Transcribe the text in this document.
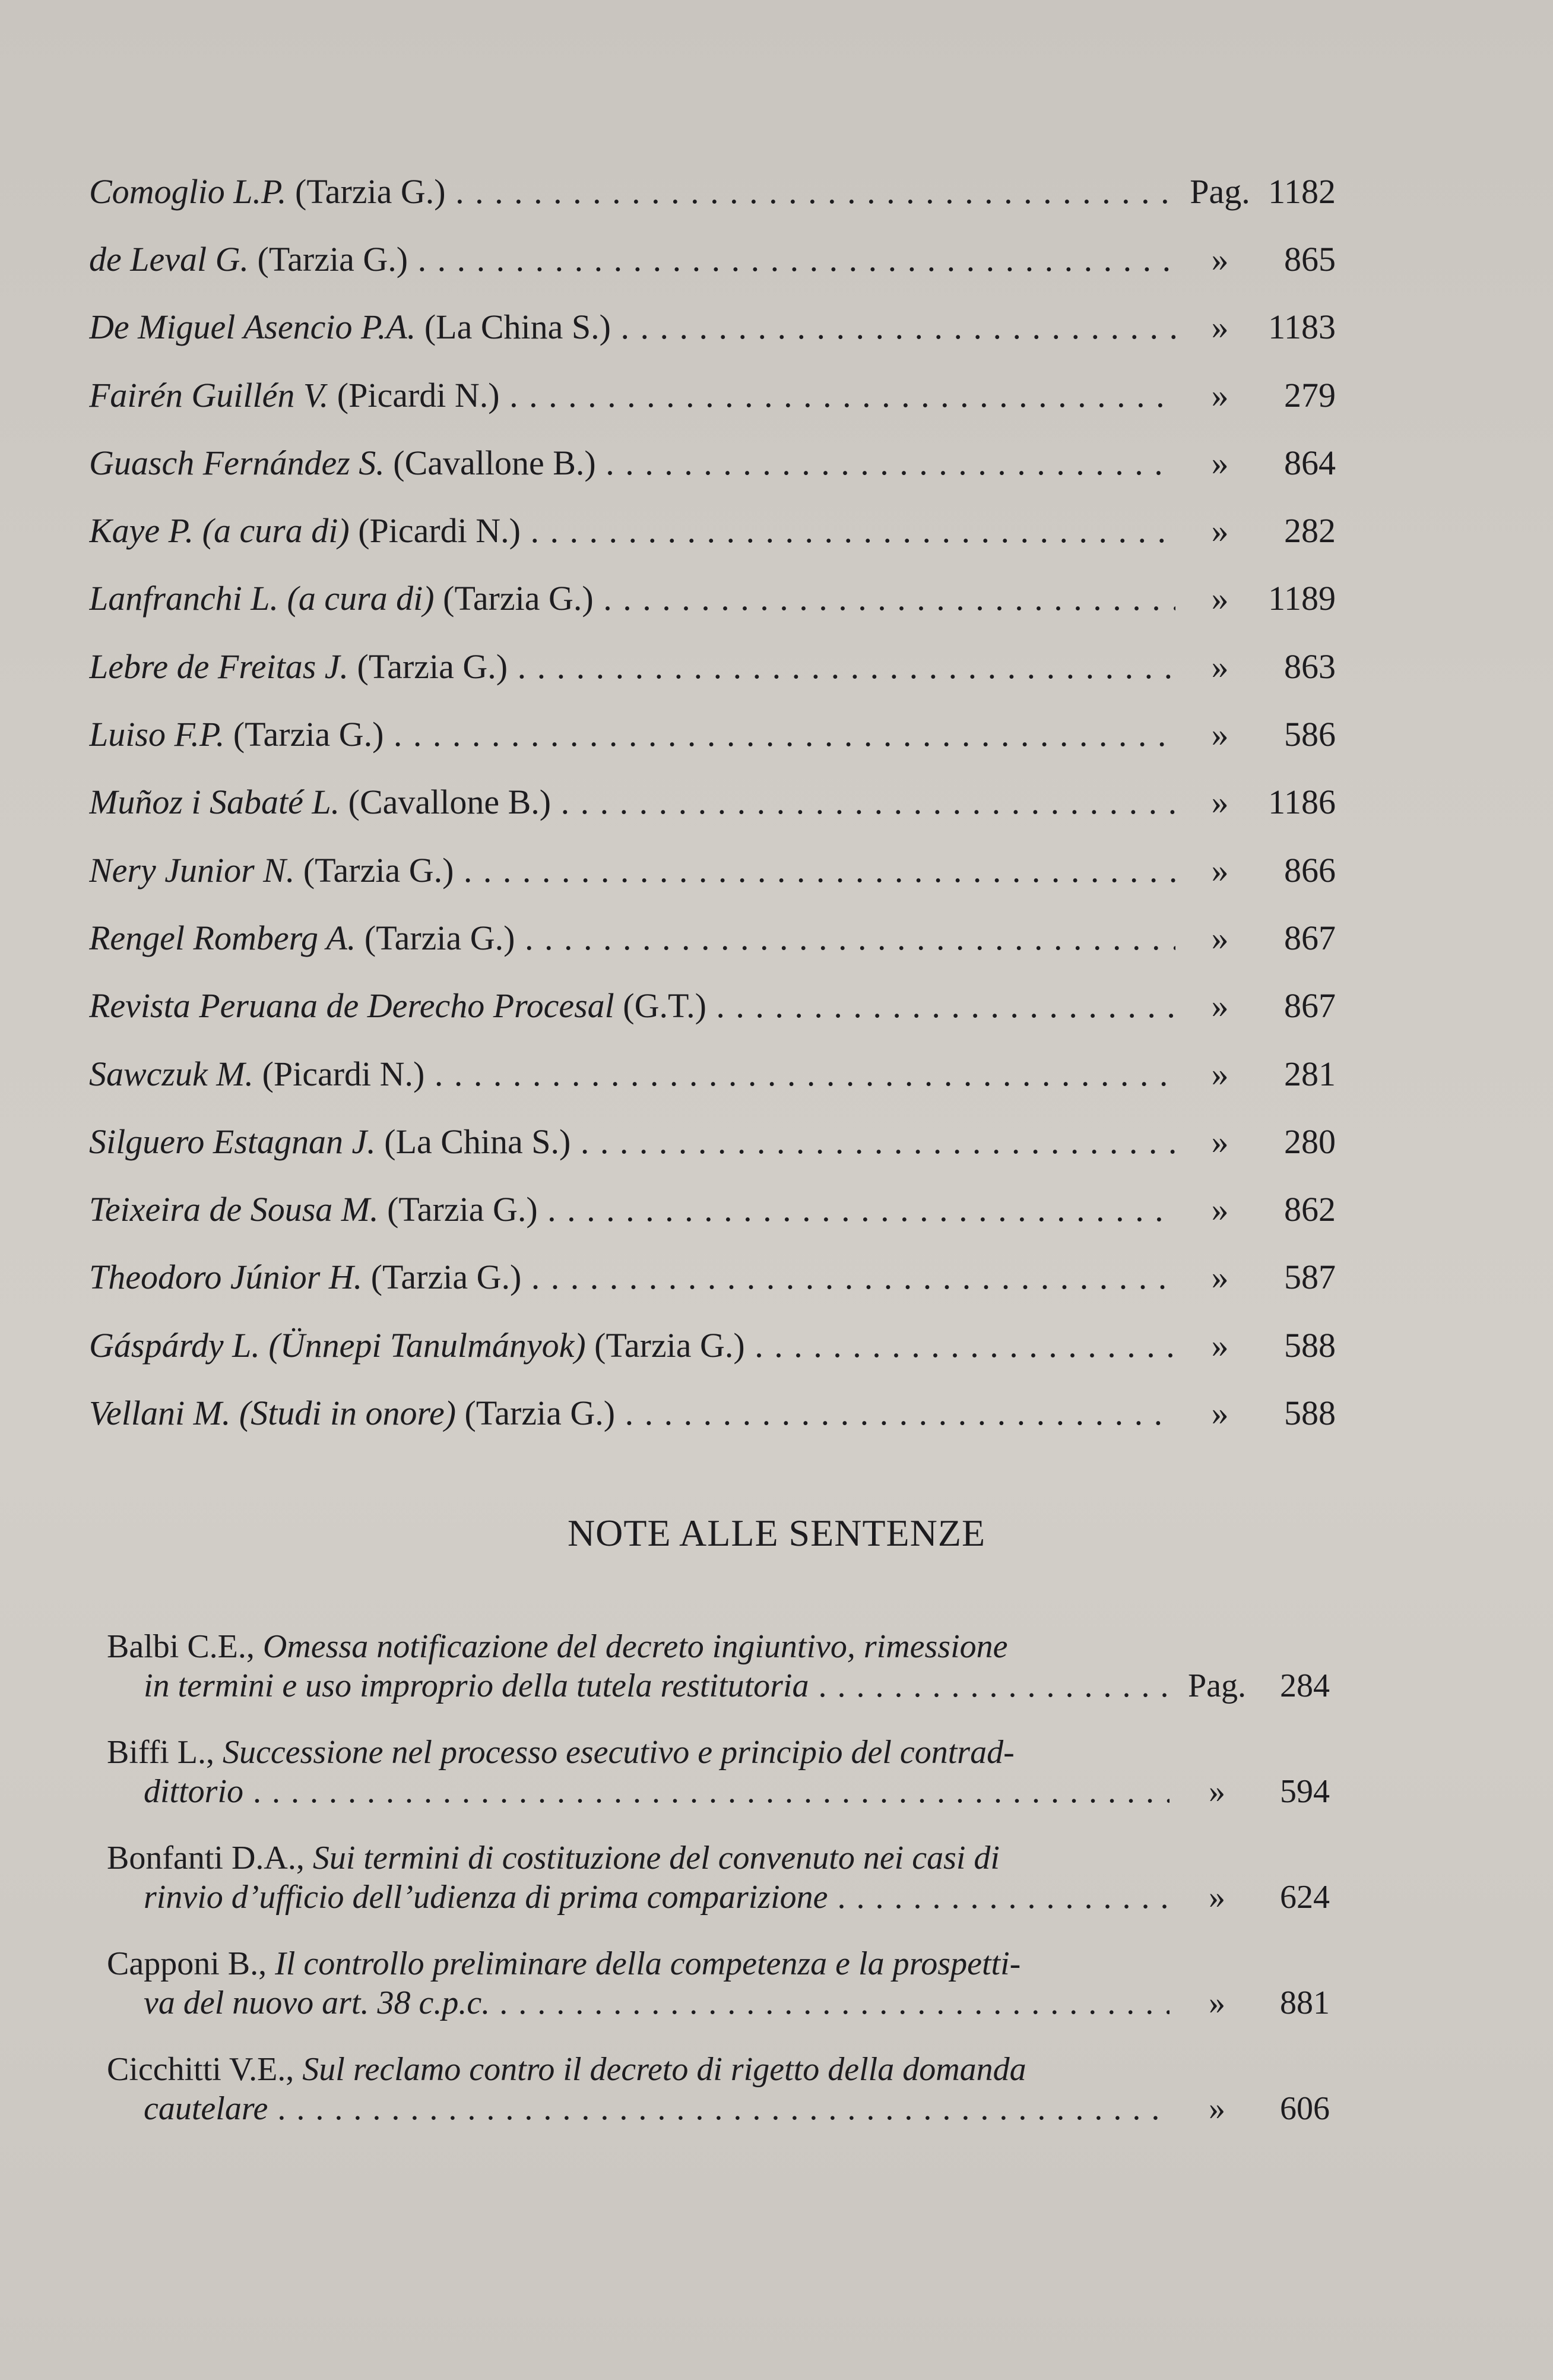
Comoglio L.P. (Tarzia G.) . . .	Pag. 1182
de Leval G. (Tarzia G.) . . .	»	865
De Miguel Asencio P.A. (La China S.) . . .	»	1183
Fairén Guillén V. (Picardi N.) . . .	»	279
Guasch Fernández S. (Cavallone B.) . . .	»	864
Kaye P. (a cura di) (Picardi N.) . . .	»	282
Lanfranchi L. (a cura di) (Tarzia G.) . . .	»	1189
Lebre de Freitas J. (Tarzia G.) . . .	»	863
Luiso F.P. (Tarzia G.) . . .	»	586
Muñoz i Sabaté L. (Cavallone B.) . . .	»	1186
Nery Junior N. (Tarzia G.) . . .	»	866
Rengel Romberg A. (Tarzia G.) . . .	»	867
Revista Peruana de Derecho Procesal (G.T.) . . .	»	867
Sawczuk M. (Picardi N.) . . .	»	281
Silguero Estagnan J. (La China S.) . . .	»	280
Teixeira de Sousa M. (Tarzia G.) . . .	»	862
Theodoro Júnior H. (Tarzia G.) . . .	»	587
Gáspárdy L. (Ünnepi Tanulmányok) (Tarzia G.) . . .	»	588
Vellani M. (Studi in onore) (Tarzia G.) . . .	»	588
NOTE ALLE SENTENZE
Balbi C.E., Omessa notificazione del decreto ingiuntivo, rimessione
in termini e uso improprio della tutela restitutoria . . .	Pag.	284
Biffi L., Successione nel processo esecutivo e principio del contrad-
dittorio . . .	»	594
Bonfanti D.A., Sui termini di costituzione del convenuto nei casi di
rinvio d’ufficio dell’udienza di prima comparizione . . .	»	624
Capponi B., Il controllo preliminare della competenza e la prospetti-
va del nuovo art. 38 c.p.c. . . .	»	881
Cicchitti V.E., Sul reclamo contro il decreto di rigetto della domanda
cautelare . . .	»	606
